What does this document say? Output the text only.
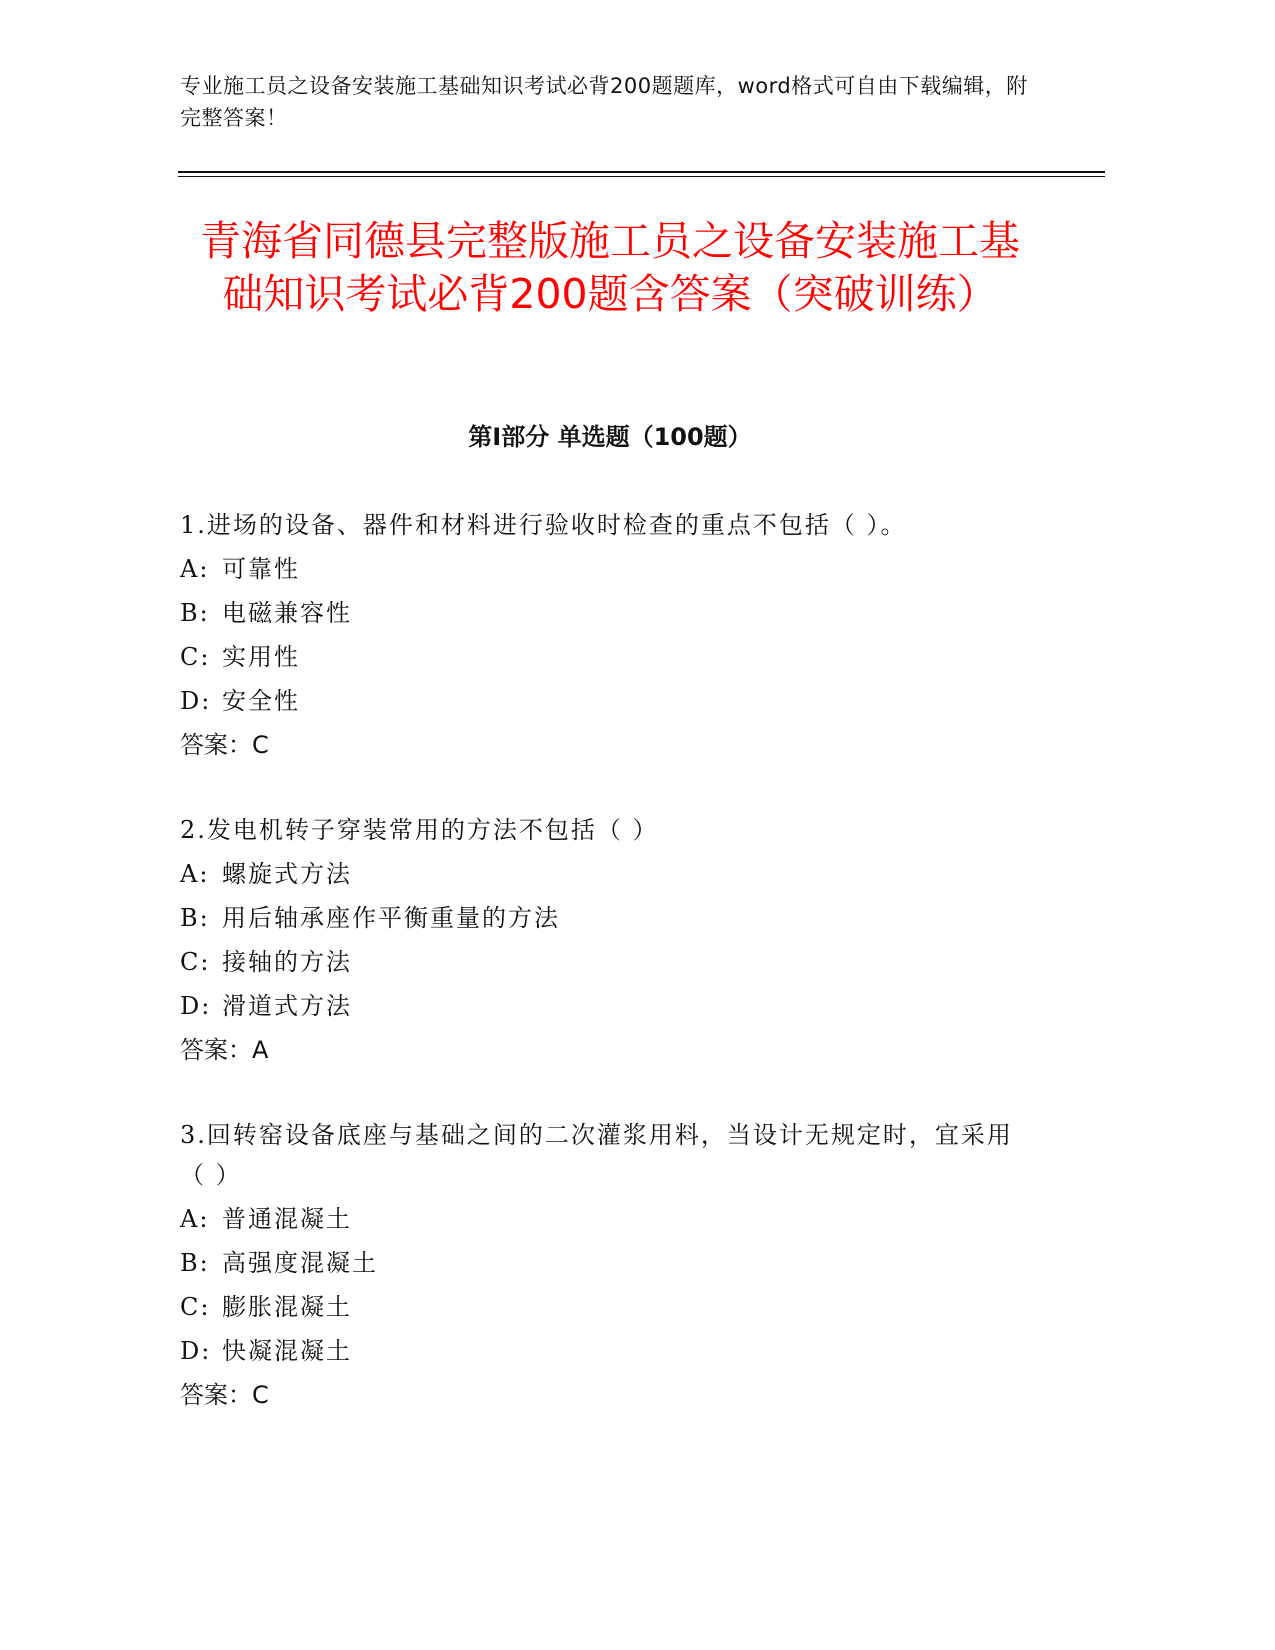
专业施工员之设备安装施工基础知识考试必背200题题库，word格式可自由下载编辑，附完整答案！
青海省同德县完整版施工员之设备安装施工基础知识考试必背200题含答案（突破训练）
第I部分 单选题（100题）
1.进场的设备、器件和材料进行验收时检查的重点不包括（ ）。
A: 可靠性
B: 电磁兼容性
C: 实用性
D: 安全性
答案：C
2.发电机转子穿装常用的方法不包括（ ）
A: 螺旋式方法
B: 用后轴承座作平衡重量的方法
C: 接轴的方法
D: 滑道式方法
答案：A
3.回转窑设备底座与基础之间的二次灌浆用料，当设计无规定时，宜采用（ ）
A: 普通混凝土
B: 高强度混凝土
C: 膨胀混凝土
D: 快凝混凝土
答案：C
